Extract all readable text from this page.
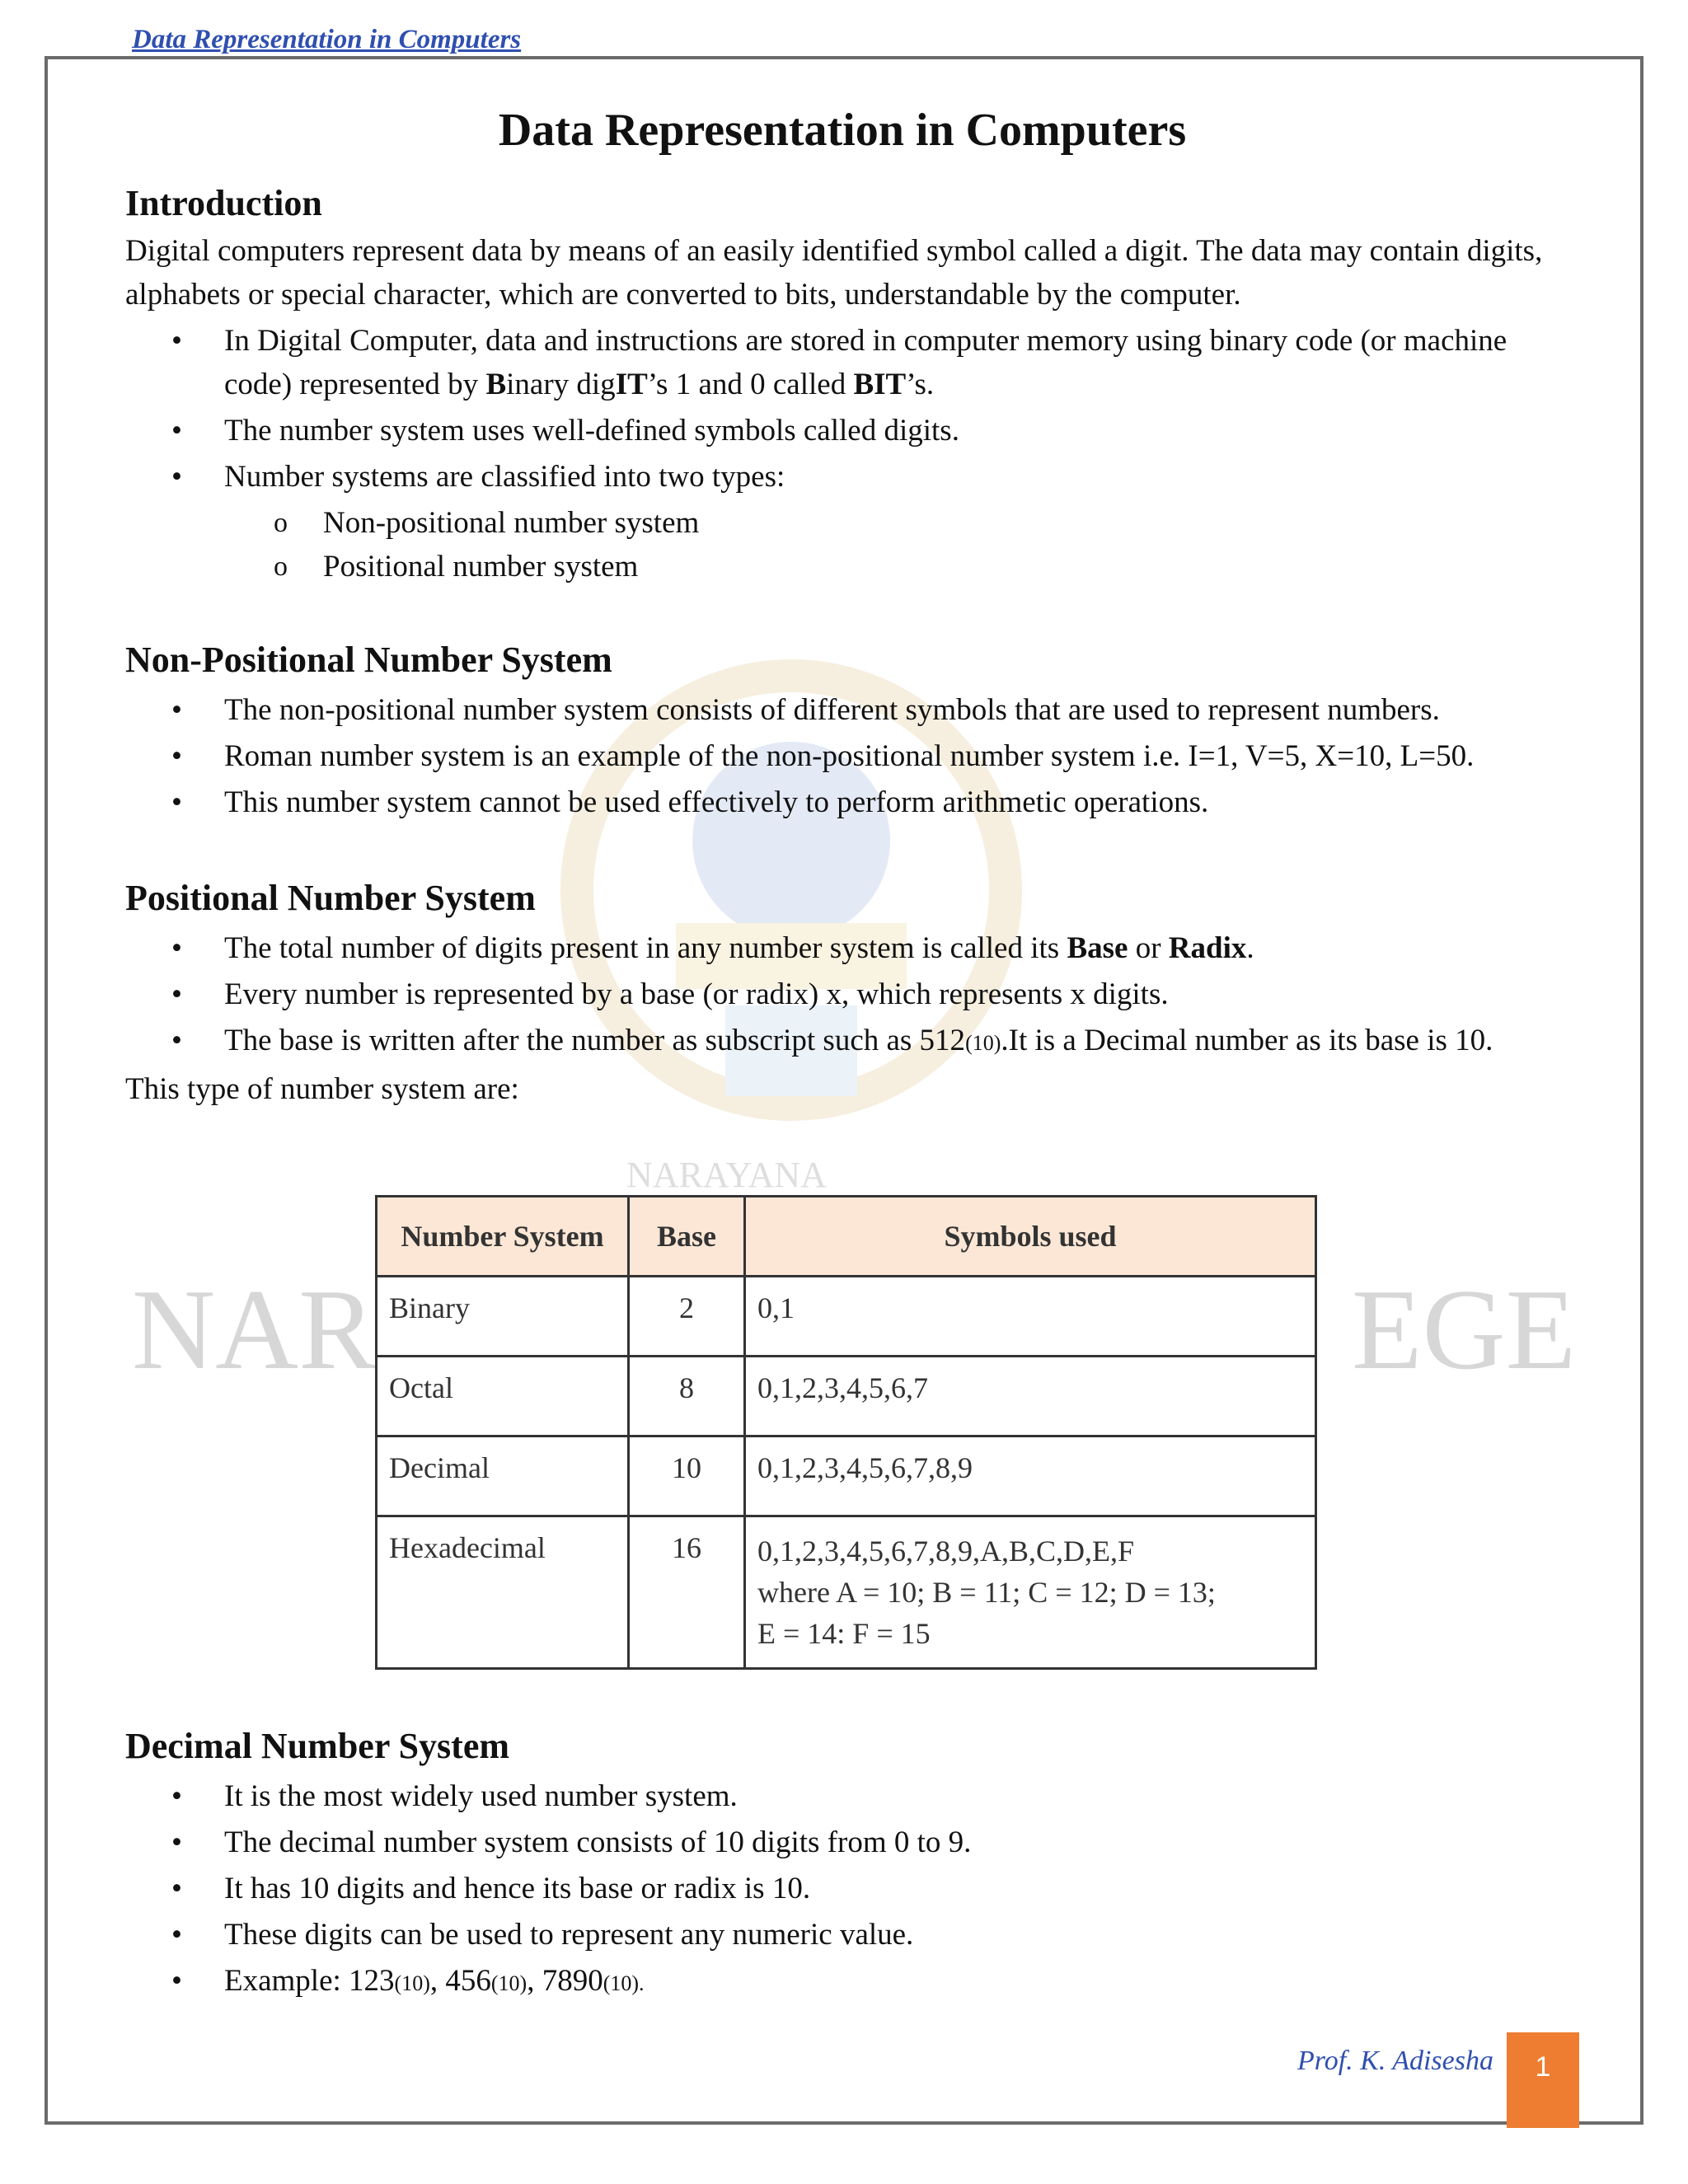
Data Representation in Computers
NAR	EGE
NARAYANA
Data Representation in Computers
Introduction

Digital computers represent data by means of an easily identified symbol called a digit. The data may contain digits, alphabets or special character, which are converted to bits, understandable by the computer.

• In Digital Computer, data and instructions are stored in computer memory using binary code (or machine code) represented by Binary digIT’s 1 and 0 called BIT’s.
• The number system uses well-defined symbols called digits.
• Number systems are classified into two types:
o Non-positional number system
o Positional number system
Non-Positional Number System
• The non-positional number system consists of different symbols that are used to represent numbers.
• Roman number system is an example of the non-positional number system i.e. I=1, V=5, X=10, L=50.
• This number system cannot be used effectively to perform arithmetic operations.
Positional Number System
• The total number of digits present in any number system is called its Base or Radix.
• Every number is represented by a base (or radix) x, which represents x digits.
• The base is written after the number as subscript such as 512(10).It is a Decimal number as its base is 10.

This type of number system are:

Number System	Base	Symbols used
Binary	2	0,1
Octal	8	0,1,2,3,4,5,6,7
Decimal	10	0,1,2,3,4,5,6,7,8,9
Hexadecimal	16	0,1,2,3,4,5,6,7,8,9,A,B,C,D,E,F
where A = 10; B = 11; C = 12; D = 13;
E = 14: F = 15
Decimal Number System
• It is the most widely used number system.
• The decimal number system consists of 10 digits from 0 to 9.
• It has 10 digits and hence its base or radix is 10.
• These digits can be used to represent any numeric value.
• Example: 123(10), 456(10), 7890(10).
Prof. K. Adisesha	1
